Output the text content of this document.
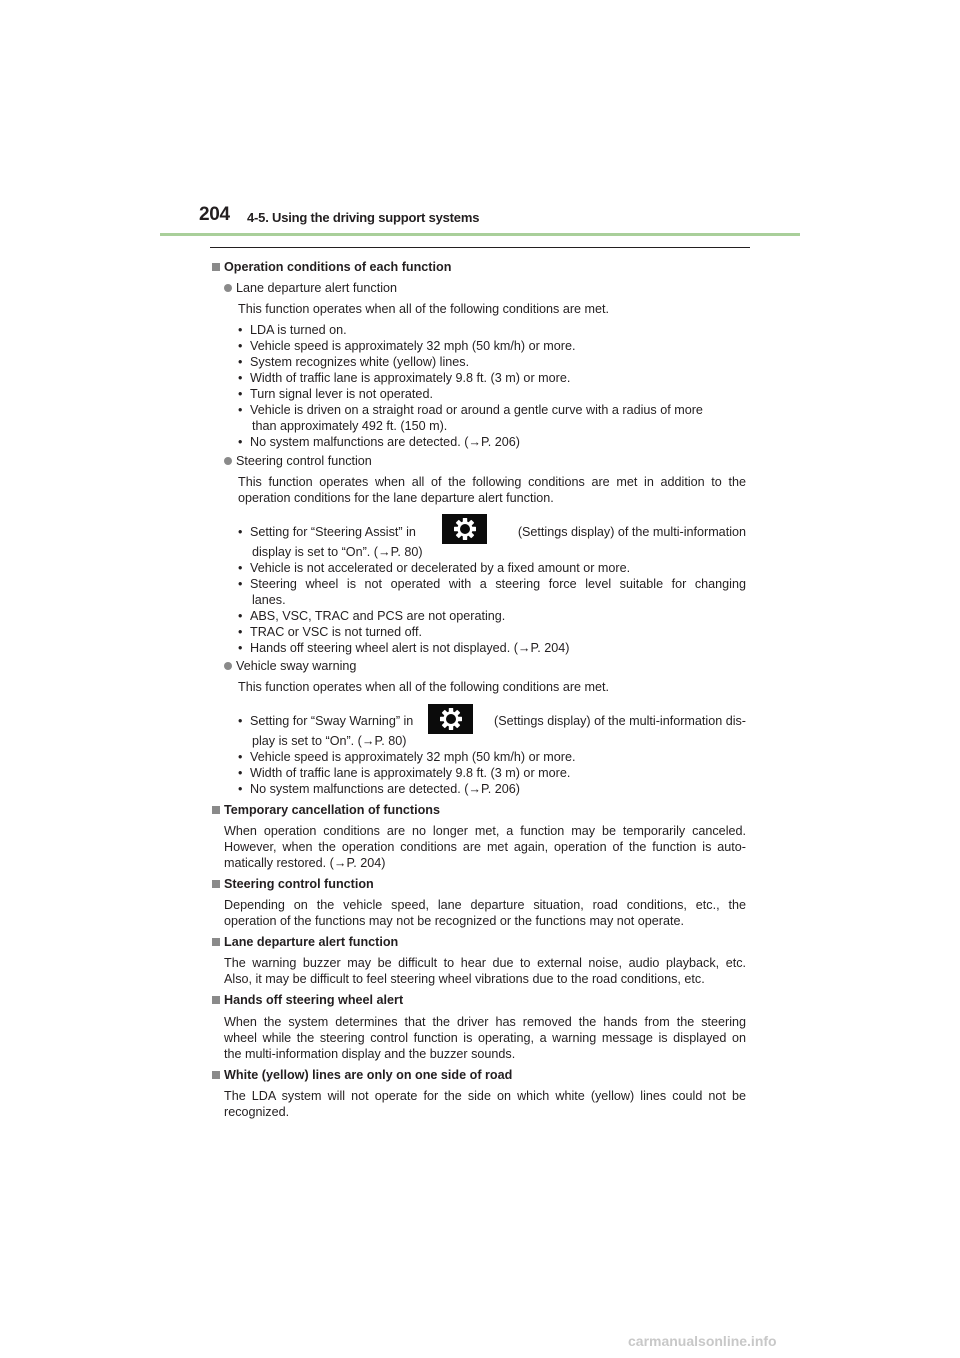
204 4-5. Using the driving support systems
Operation conditions of each function
Lane departure alert function
This function operates when all of the following conditions are met.
• LDA is turned on.
• Vehicle speed is approximately 32 mph (50 km/h) or more.
• System recognizes white (yellow) lines.
• Width of traffic lane is approximately 9.8 ft. (3 m) or more.
• Turn signal lever is not operated.
• Vehicle is driven on a straight road or around a gentle curve with a radius of more
than approximately 492 ft. (150 m).
• No system malfunctions are detected. (→P. 206)
Steering control function
This function operates when all of the following conditions are met in addition to the
operation conditions for the lane departure alert function.
• Setting for “Steering Assist” in	(Settings display) of the multi-information
display is set to “On”. (→P. 80)
• Vehicle is not accelerated or decelerated by a fixed amount or more.
• Steering wheel is not operated with a steering force level suitable for changing
lanes.
• ABS, VSC, TRAC and PCS are not operating.
• TRAC or VSC is not turned off.
• Hands off steering wheel alert is not displayed. (→P. 204)
Vehicle sway warning
This function operates when all of the following conditions are met.
• Setting for “Sway Warning” in	(Settings display) of the multi-information dis-
play is set to “On”. (→P. 80)
• Vehicle speed is approximately 32 mph (50 km/h) or more.
• Width of traffic lane is approximately 9.8 ft. (3 m) or more.
• No system malfunctions are detected. (→P. 206)
Temporary cancellation of functions
When operation conditions are no longer met, a function may be temporarily canceled.
However, when the operation conditions are met again, operation of the function is auto-
matically restored. (→P. 204)
Steering control function
Depending on the vehicle speed, lane departure situation, road conditions, etc., the
operation of the functions may not be recognized or the functions may not operate.
Lane departure alert function
The warning buzzer may be difficult to hear due to external noise, audio playback, etc.
Also, it may be difficult to feel steering wheel vibrations due to the road conditions, etc.
Hands off steering wheel alert
When the system determines that the driver has removed the hands from the steering
wheel while the steering control function is operating, a warning message is displayed on
the multi-information display and the buzzer sounds.
White (yellow) lines are only on one side of road
The LDA system will not operate for the side on which white (yellow) lines could not be
recognized.
carmanualsonline.info
